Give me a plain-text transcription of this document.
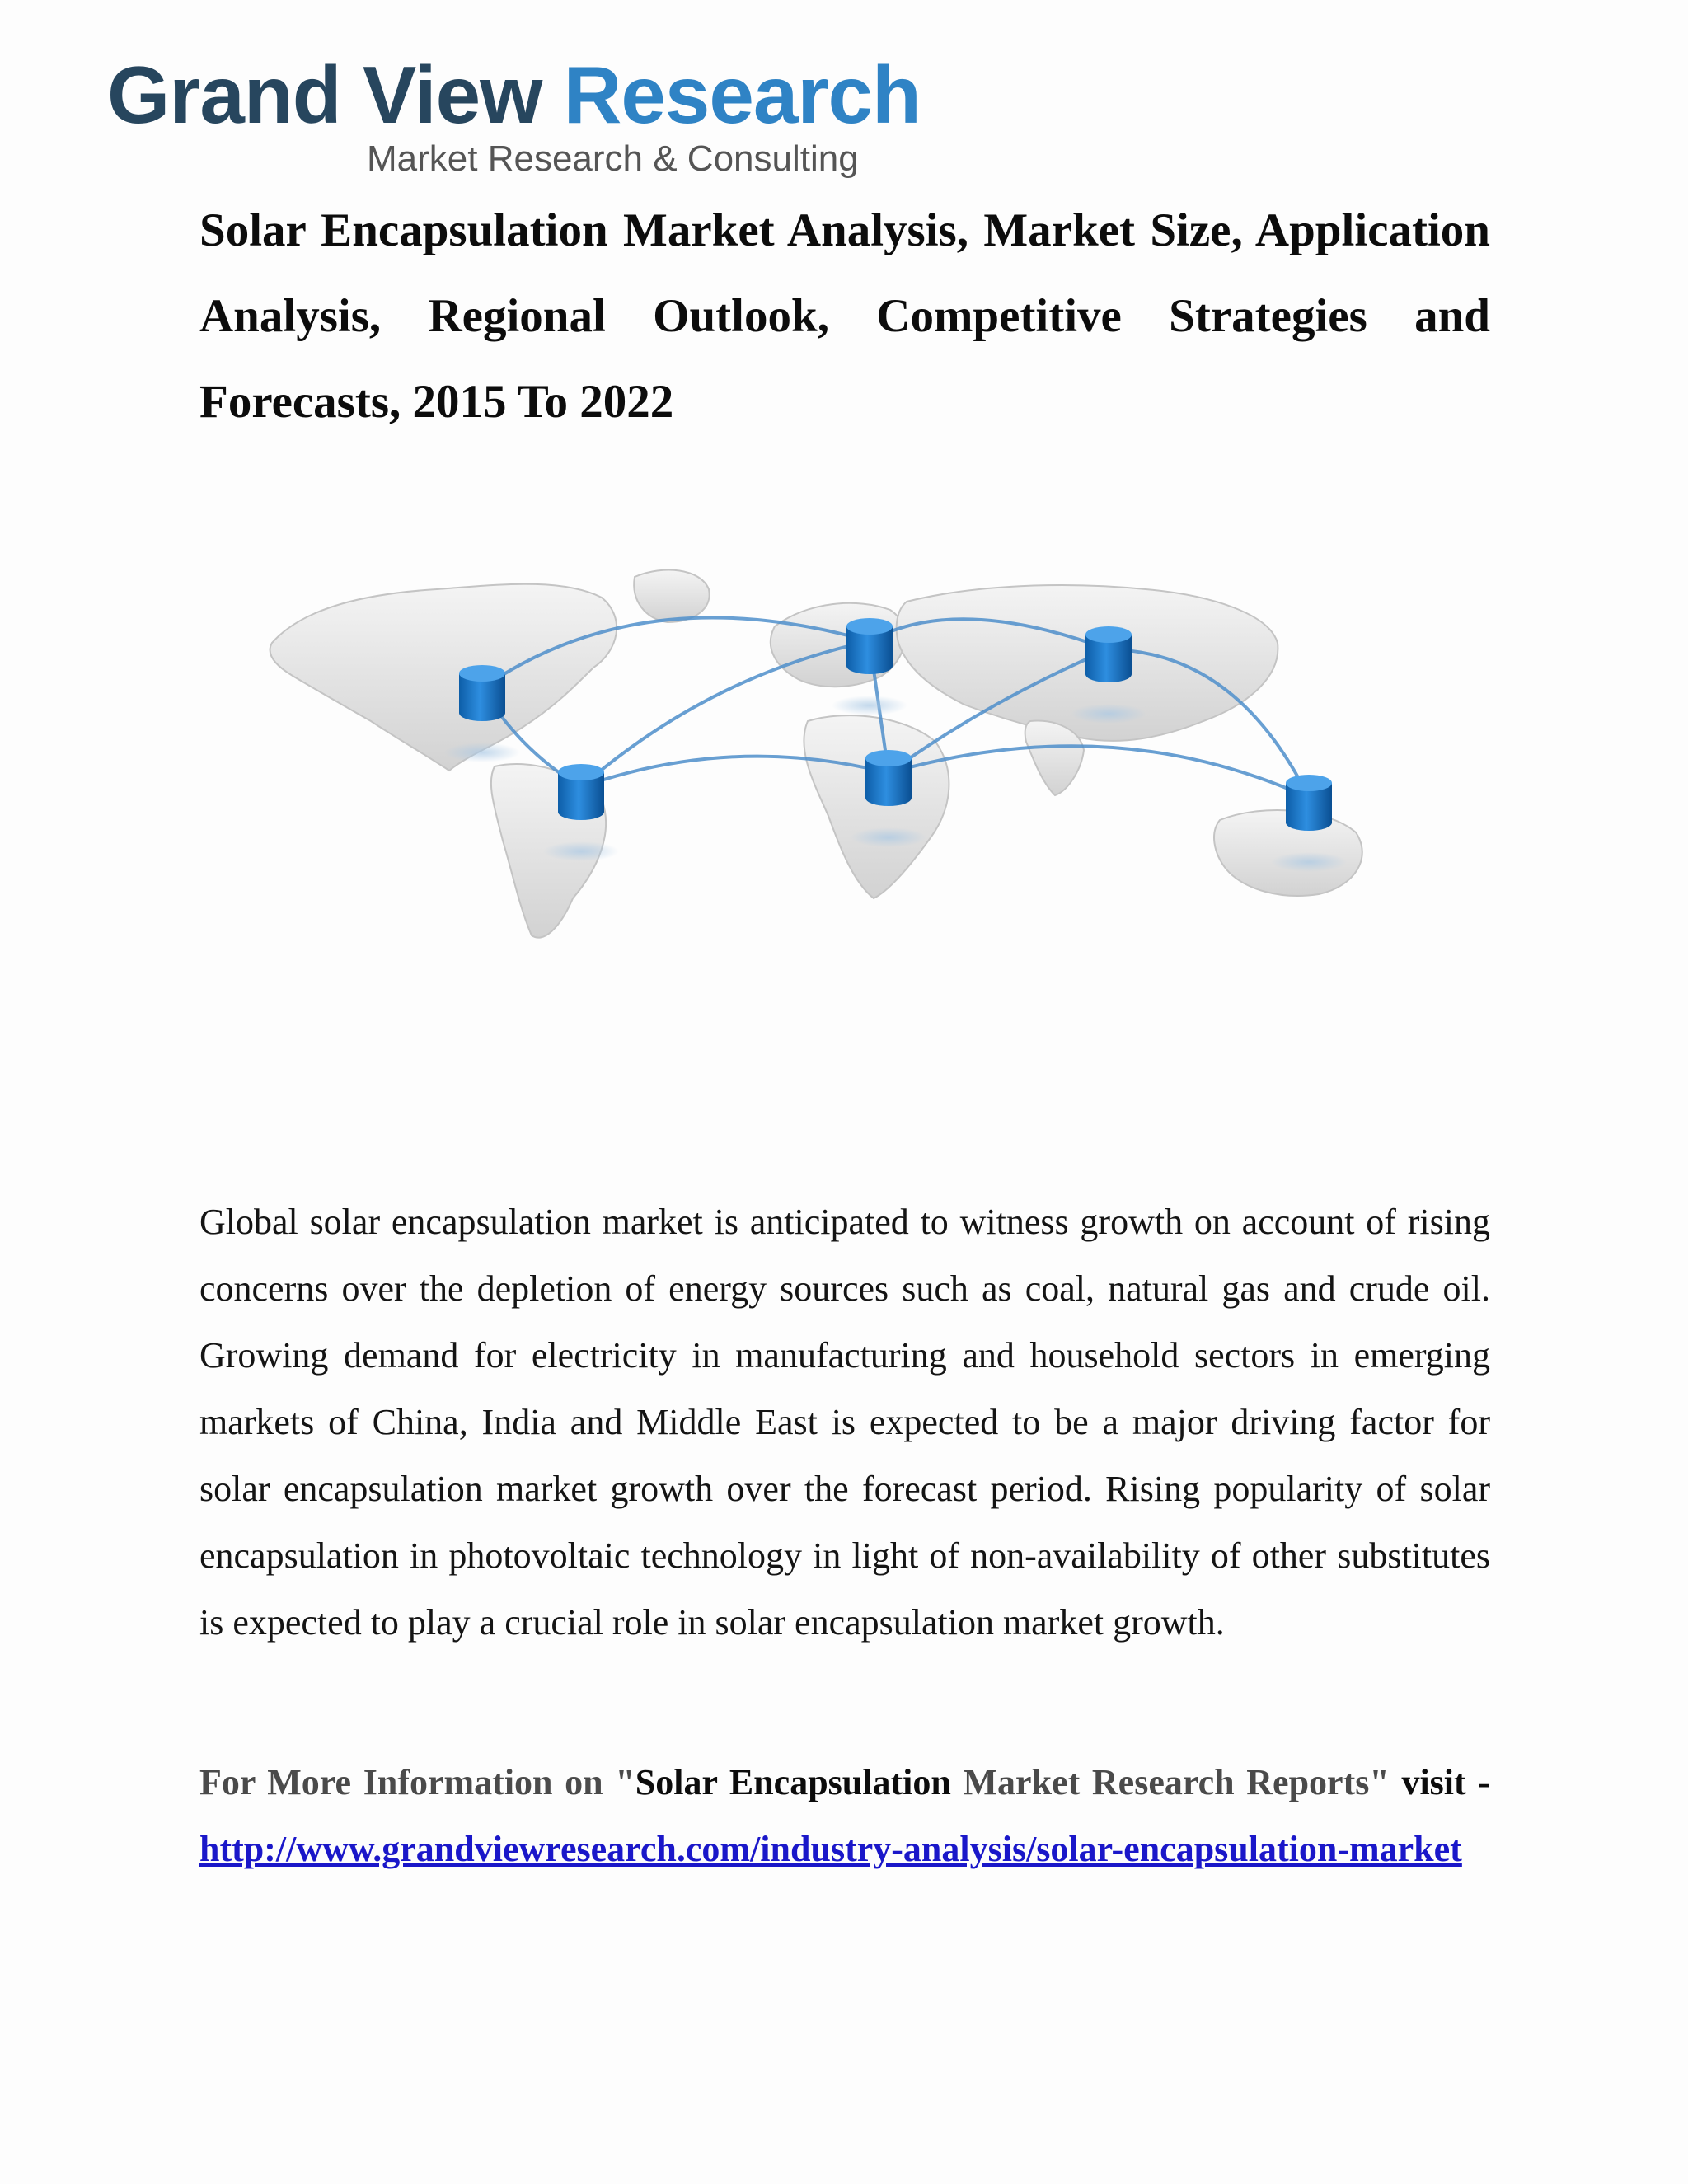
Grand View Research
Market Research & Consulting
Solar Encapsulation Market Analysis, Market Size, Application Analysis, Regional Outlook, Competitive Strategies and Forecasts, 2015 To 2022

Global solar encapsulation market is anticipated to witness growth on account of rising concerns over the depletion of energy sources such as coal, natural gas and crude oil. Growing demand for electricity in manufacturing and household sectors in emerging markets of China, India and Middle East is expected to be a major driving factor for solar encapsulation market growth over the forecast period. Rising popularity of solar encapsulation in photovoltaic technology in light of non-availability of other substitutes is expected to play a crucial role in solar encapsulation market growth.

For More Information on "Solar Encapsulation Market Research Reports" visit - http://www.grandviewresearch.com/industry-analysis/solar-encapsulation-market
